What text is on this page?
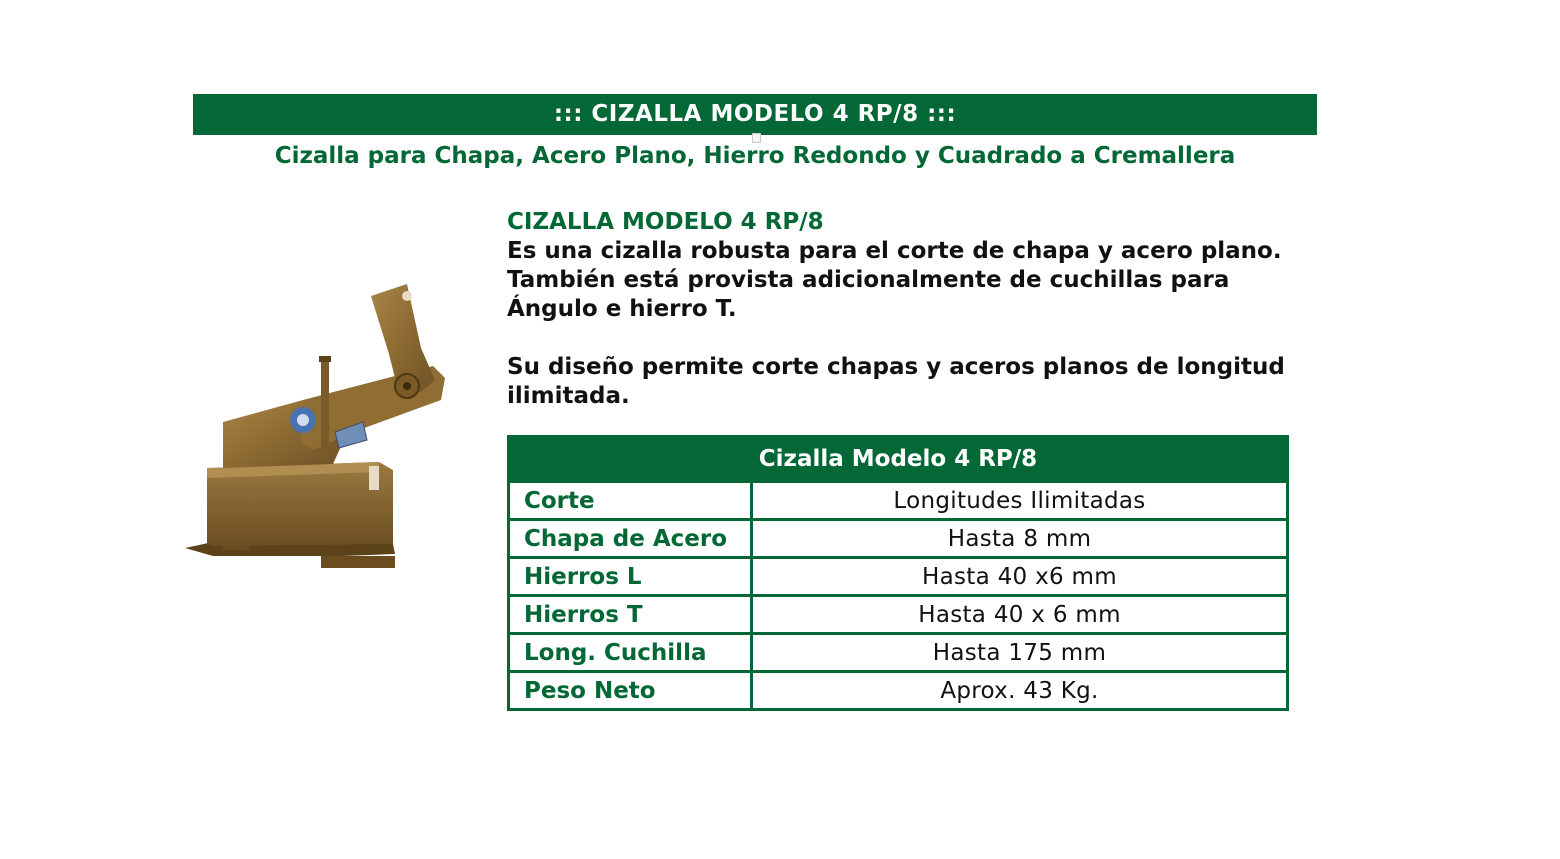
::: CIZALLA MODELO 4 RP/8 :::
Cizalla para Chapa, Acero Plano, Hierro Redondo y Cuadrado a Cremallera
CIZALLA MODELO 4 RP/8

Es una cizalla robusta para el corte de chapa y acero plano. También está provista adicionalmente de cuchillas para Ángulo e hierro T.

Su diseño permite corte chapas y aceros planos de longitud ilimitada.

Cizalla Modelo 4 RP/8	
Corte	Longitudes Ilimitadas
Chapa de Acero	Hasta 8 mm
Hierros L	Hasta 40 x6 mm
Hierros T	Hasta 40 x 6 mm
Long. Cuchilla	Hasta 175 mm
Peso Neto	Aprox. 43 Kg.
